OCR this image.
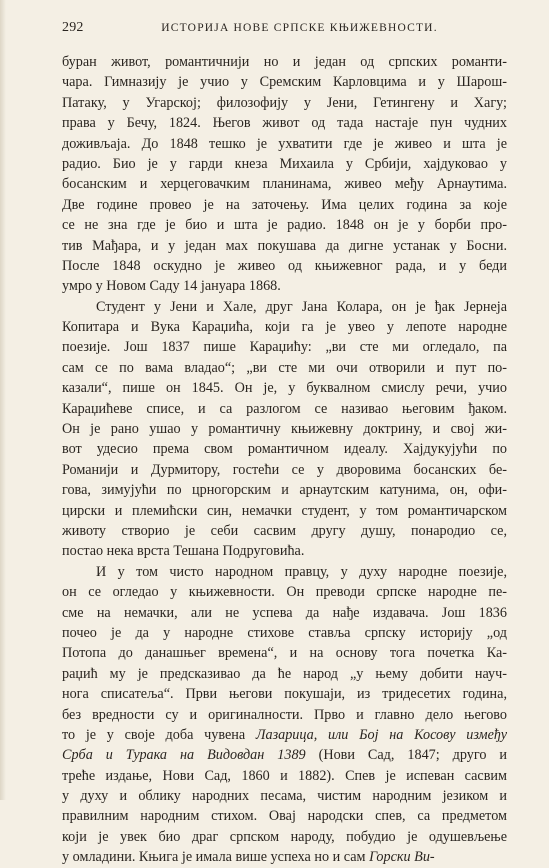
292	ИСТОРИЈА НОВЕ СРПСКЕ КЊИЖЕВНОСТИ.
буран живот, романтичнији но и један од српских романти-
чара. Гимназију је учио у Сремским Карловцима и у Шарош-
Патаку, у Угарској; филозофију у Јени, Гетингену и Хагу;
права у Бечу, 1824. Његов живот од тада настаје пун чудних
доживљаја. До 1848 тешко је ухватити где је живео и шта је
радио. Био је у гарди кнеза Михаила у Србији, хајдуковао у
босанским и херцеговачким планинама, живео међу Арнаутима.
Две године провео је на заточењу. Има целих година за које
се не зна где је био и шта је радио. 1848 он је у борби про-
тив Мађара, и у један мах покушава да дигне устанак у Босни.
После 1848 оскудно је живео од књижевног рада, и у беди
умро у Новом Саду 14 јануара 1868.
Студент у Јени и Хале, друг Јана Колара, он је ђак Јернеја
Копитара и Вука Караџића, који га је увео у лепоте народне
поезије. Још 1837 пише Караџићу: „ви сте ми огледало, па
сам се по вама владао“; „ви сте ми очи отворили и пут по-
казали“, пише он 1845. Он је, у буквалном смислу речи, учио
Караџићеве списе, и са разлогом се називао његовим ђаком.
Он је рано ушао у романтичну књижевну доктрину, и свој жи-
вот удесио према свом романтичном идеалу. Хајдукујући по
Романији и Дурмитору, гостећи се у дворовима босанских бе-
гова, зимујући по црногорским и арнаутским катунима, он, офи-
цирски и племићски син, немачки студент, у том романтичарском
животу створио је себи сасвим другу душу, понародио се,
постао нека врста Тешана Подруговића.
И у том чисто народном правцу, у духу народне поезије,
он се огледао у књижевности. Он преводи српске народне пе-
сме на немачки, али не успева да нађе издавача. Још 1836
почео је да у народне стихове ставља српску историју „од
Потопа до данашњег времена“, и на основу тога почетка Ка-
раџић му је предсказивао да ће народ „у њему добити науч-
нога списатеља“. Први његови покушаји, из тридесетих година,
без вредности су и оригиналности. Прво и главно дело његово
то је у своје доба чувена Лазарица, или Бој на Косову између
Срба и Турака на Видовдан 1389 (Нови Сад, 1847; друго и
треће издање, Нови Сад, 1860 и 1882). Спев је испеван сасвим
у духу и облику народних песама, чистим народним језиком и
правилним народним стихом. Овај народски спев, са предметом
који је увек био драг српском народу, побудио је одушевљење
у омладини. Књига је имала више успеха но и сам Горски Ви-
